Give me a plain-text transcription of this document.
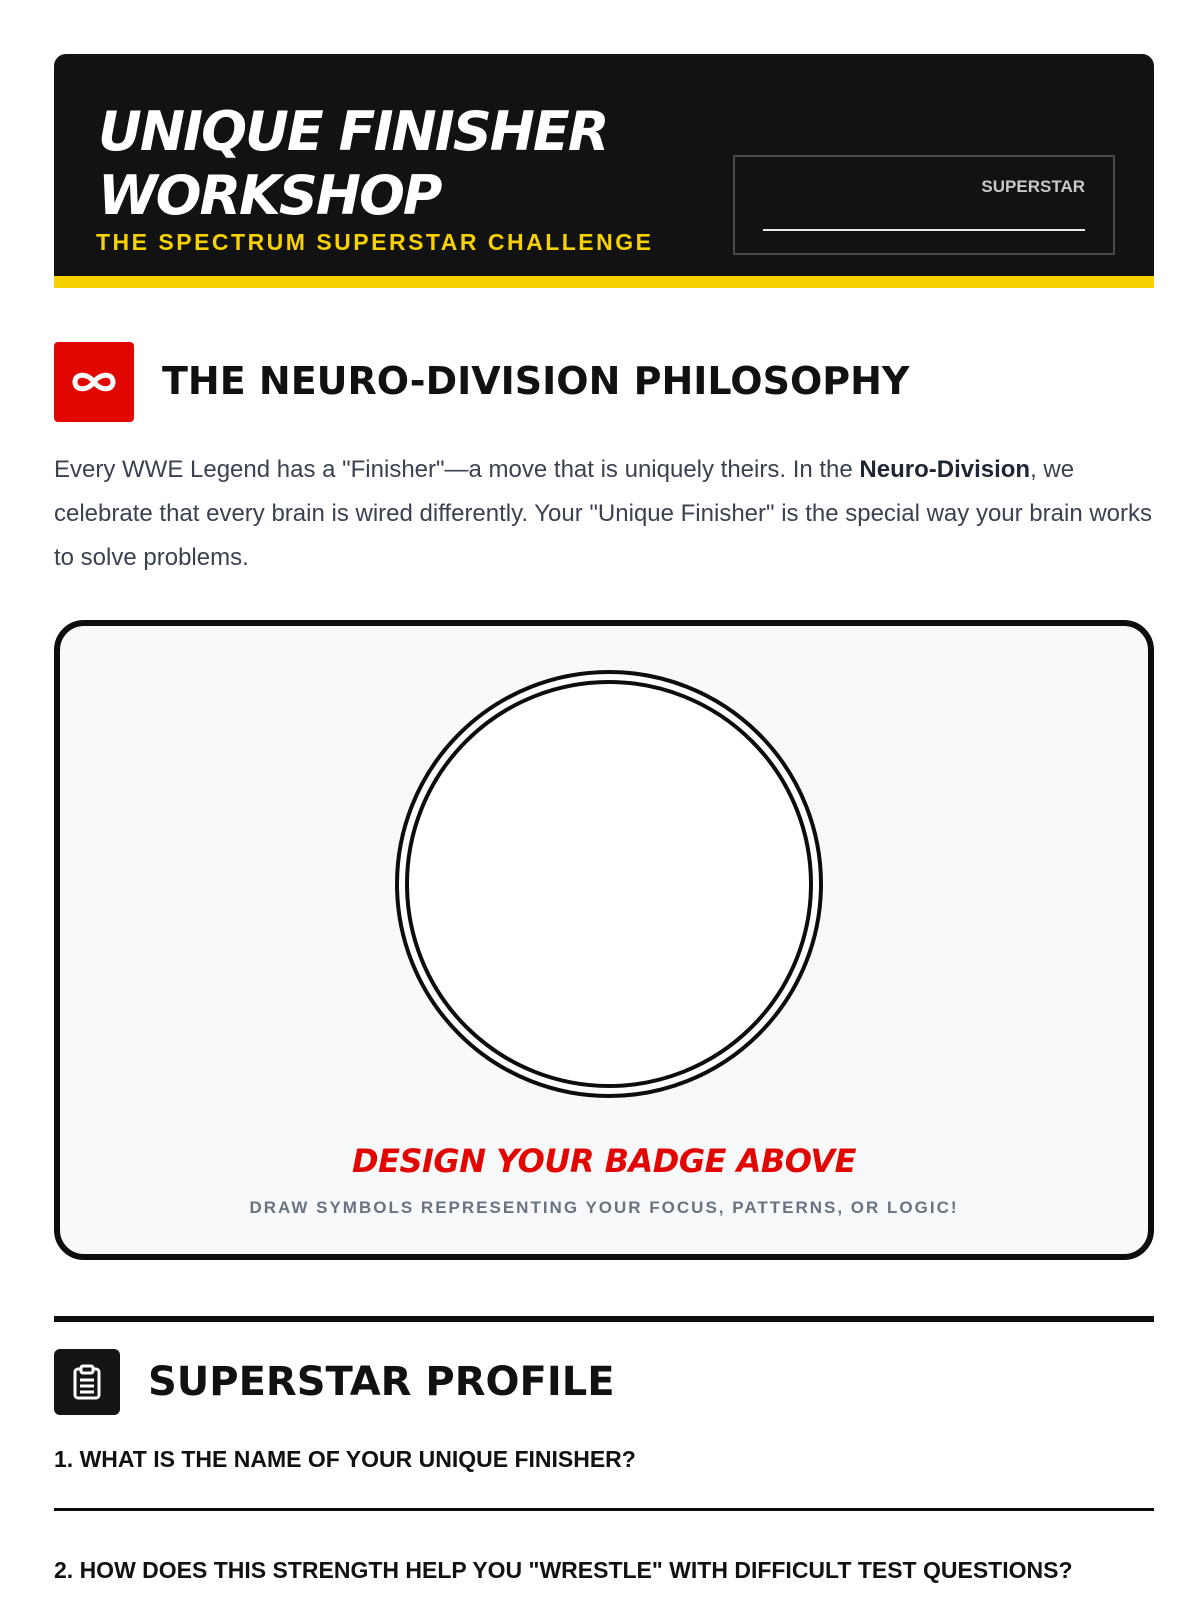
UNIQUE FINISHER
WORKSHOP

THE SPECTRUM SUPERSTAR CHALLENGE

SUPERSTAR
THE NEURO-DIVISION PHILOSOPHY

Every WWE Legend has a "Finisher"—a move that is uniquely theirs. In the Neuro-Division, we celebrate that every brain is wired differently. Your "Unique Finisher" is the special way your brain works to solve problems.

DESIGN YOUR BADGE ABOVE

DRAW SYMBOLS REPRESENTING YOUR FOCUS, PATTERNS, OR LOGIC!

SUPERSTAR PROFILE

1. WHAT IS THE NAME OF YOUR UNIQUE FINISHER?

2. HOW DOES THIS STRENGTH HELP YOU "WRESTLE" WITH DIFFICULT TEST QUESTIONS?
